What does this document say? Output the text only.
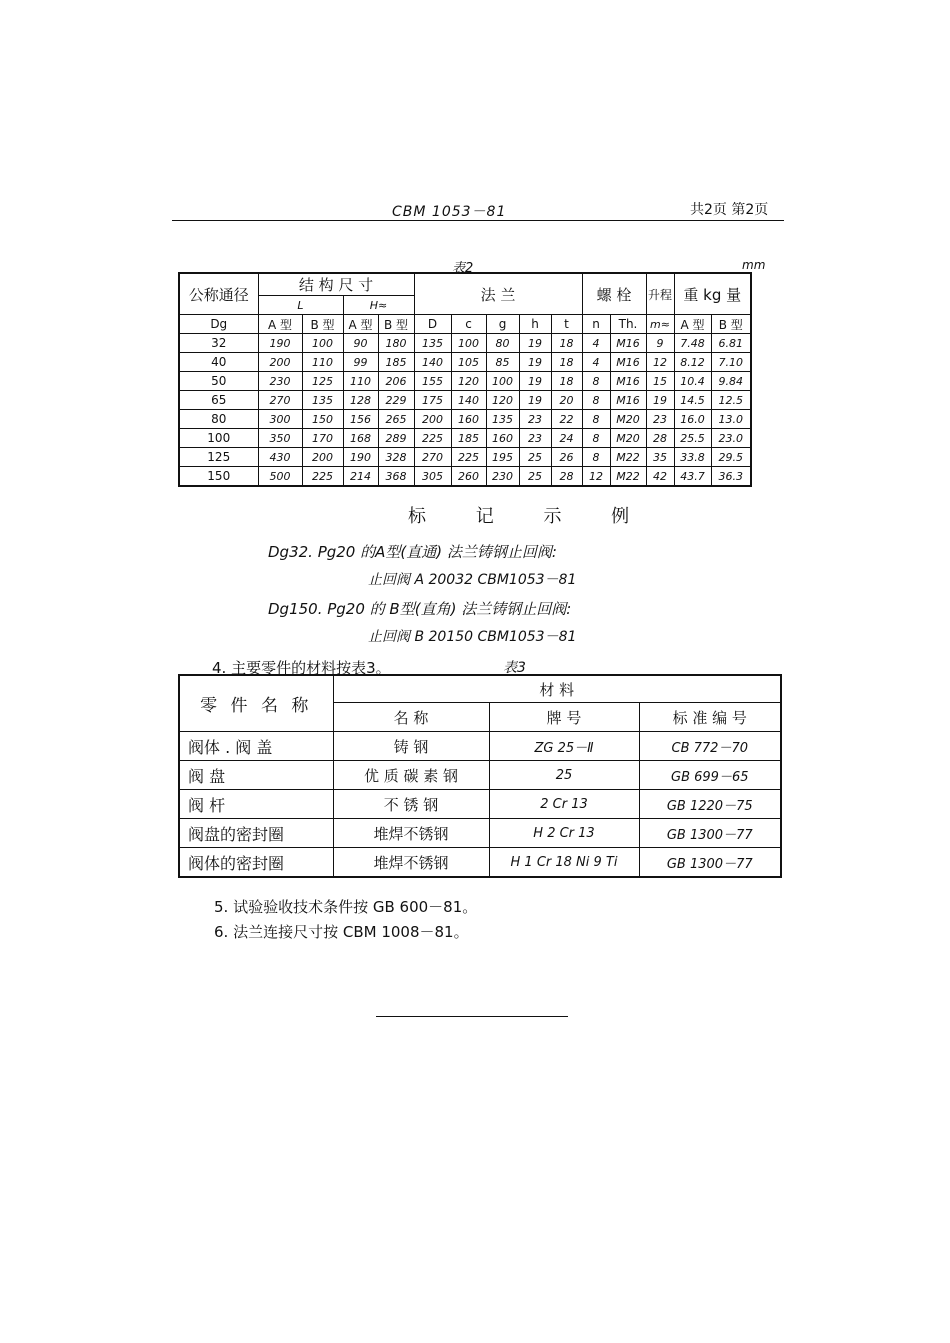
CBM 1053－81	共2页 第2页
表2	mm
公称通径	结 构 尺 寸				法 兰					螺 栓		升程	重 kg 量	
	L		H≈											
Dg	A 型	B 型	A 型	B 型	D	c	g	h	t	n	Th.	m≈	A 型	B 型
32	190	100	90	180	135	100	80	19	18	4	M16	9	7.48	6.81
40	200	110	99	185	140	105	85	19	18	4	M16	12	8.12	7.10
50	230	125	110	206	155	120	100	19	18	8	M16	15	10.4	9.84
65	270	135	128	229	175	140	120	19	20	8	M16	19	14.5	12.5
80	300	150	156	265	200	160	135	23	22	8	M20	23	16.0	13.0
100	350	170	168	289	225	185	160	23	24	8	M20	28	25.5	23.0
125	430	200	190	328	270	225	195	25	26	8	M22	35	33.8	29.5
150	500	225	214	368	305	260	230	25	28	12	M22	42	43.7	36.3
标 记 示 例
Dg32. Pg20 的A型(直通) 法兰铸钢止回阀:
止回阀 A 20032 CBM1053－81
Dg150. Pg20 的 B型(直角) 法兰铸钢止回阀:
止回阀 B 20150 CBM1053－81
4. 主要零件的材料按表3。	表3
零 件 名 称	材 料		
	名 称	牌 号	标 准 编 号
阀体 . 阀 盖	铸 钢	ZG 25－Ⅱ	CB 772－70
阀 盘	优 质 碳 素 钢	25	GB 699－65
阀 杆	不 锈 钢	2 Cr 13	GB 1220－75
阀盘的密封圈	堆焊不锈钢	H 2 Cr 13	GB 1300－77
阀体的密封圈	堆焊不锈钢	H 1 Cr 18 Ni 9 Ti	GB 1300－77
5. 试验验收技术条件按 GB 600－81。
6. 法兰连接尺寸按 CBM 1008－81。
